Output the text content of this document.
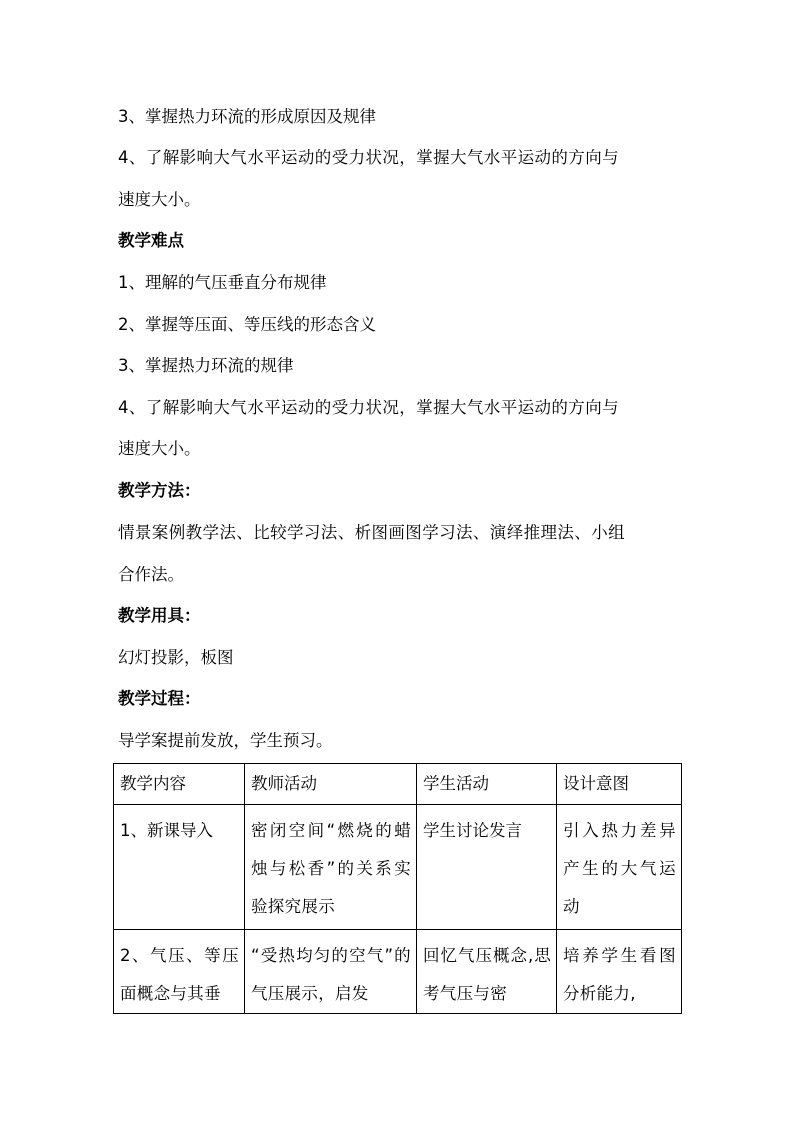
3、掌握热力环流的形成原因及规律
4、了解影响大气水平运动的受力状况，掌握大气水平运动的方向与
速度大小。
教学难点
1、理解的气压垂直分布规律
2、掌握等压面、等压线的形态含义
3、掌握热力环流的规律
4、了解影响大气水平运动的受力状况，掌握大气水平运动的方向与
速度大小。
教学方法：
情景案例教学法、比较学习法、析图画图学习法、演绎推理法、小组
合作法。
教学用具：
幻灯投影，板图
教学过程：
导学案提前发放，学生预习。
教学内容	教师活动	学生活动	设计意图

1、新课导入	密闭空间“燃烧的蜡烛与松香”的关系实验探究展示	学生讨论发言	引入热力差异产生的大气运动

2、气压、等压面概念与其垂	“受热均匀的空气”的气压展示，启发	回忆气压概念,思考气压与密	培养学生看图分析能力,
